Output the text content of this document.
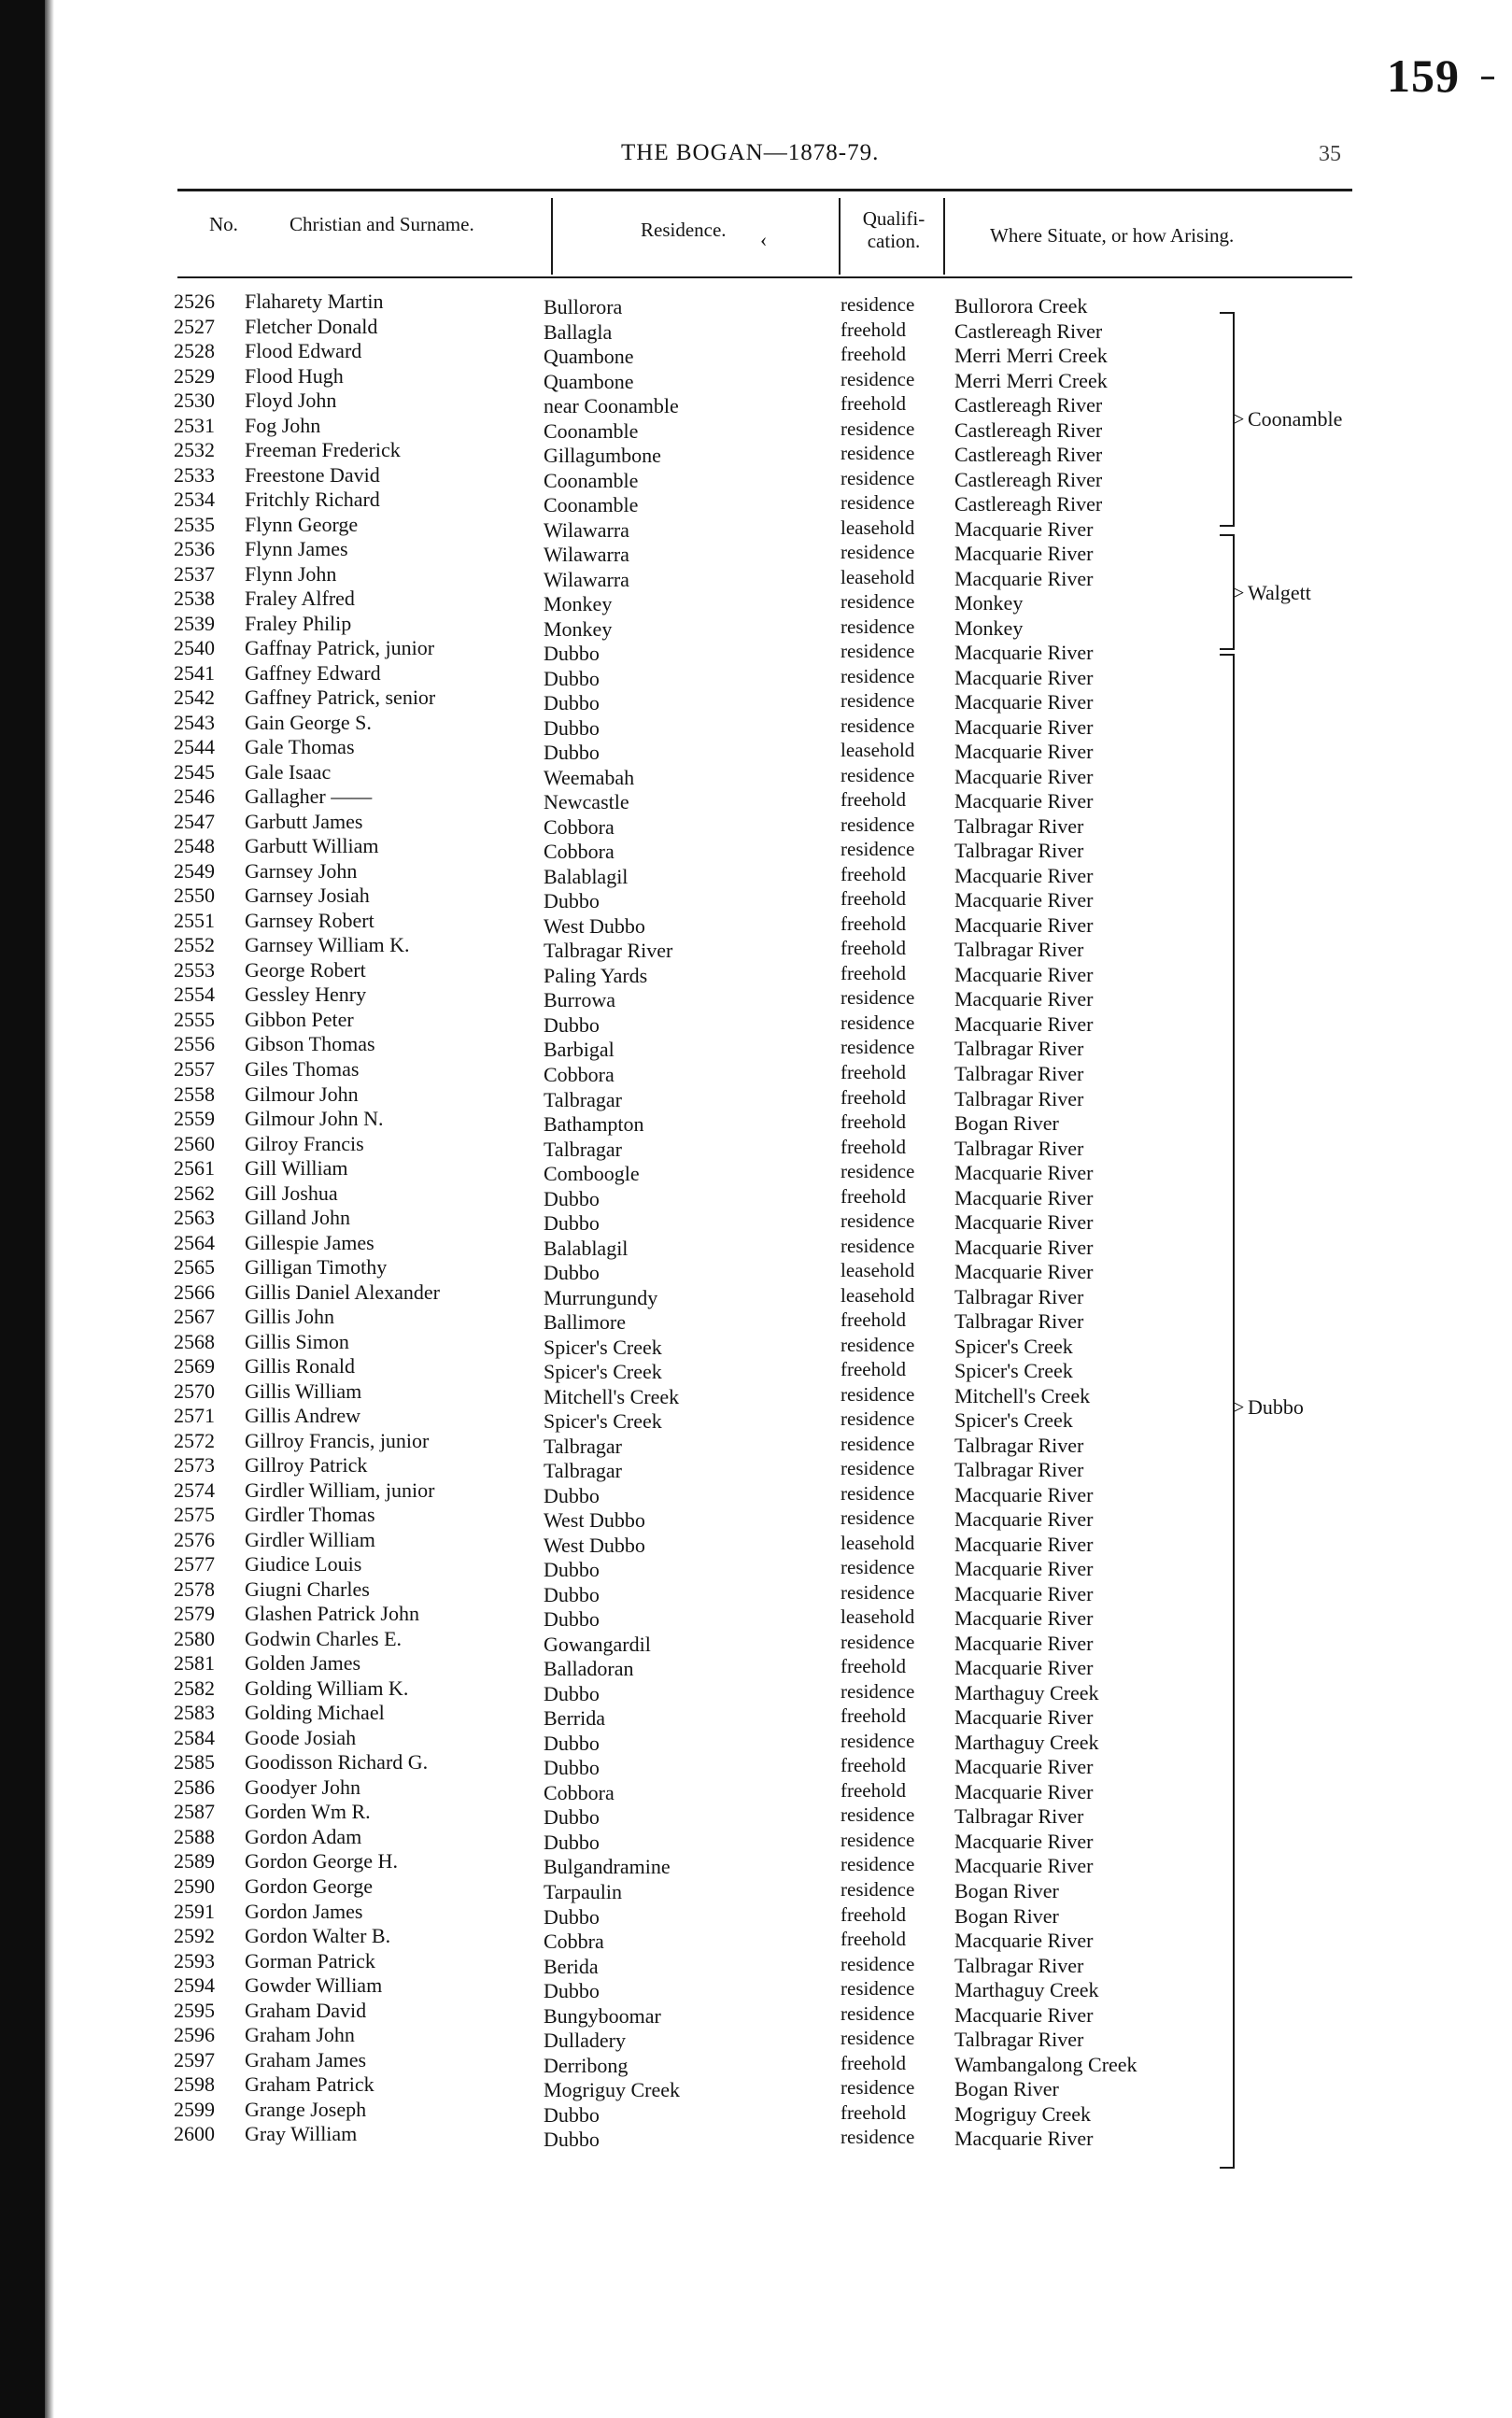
159
THE BOGAN—1878-79.	35
No.	Christian and Surname.	Residence. ‹
Qualifi-
cation.	Where Situate, or how Arising.
2526	Flaharety Martin	Bullorora	residence Bullorora Creek
2527	Fletcher Donald	Ballagla	freehold Castlereagh River
2528	Flood Edward	Quambone	freehold Merri Merri Creek
2529	Flood Hugh	Quambone	residence Merri Merri Creek
2530	Floyd John	near Coonamble	freehold Castlereagh River
2531	Fog John	Coonamble	residence Castlereagh River
2532	Freeman Frederick	Gillagumbone	residence Castlereagh River
2533	Freestone David	Coonamble	residence Castlereagh River
2534	Fritchly Richard	Coonamble	residence Castlereagh River
2535	Flynn George	Wilawarra	leasehold Macquarie River
2536	Flynn James	Wilawarra	residence Macquarie River
2537	Flynn John	Wilawarra	leasehold Macquarie River
2538	Fraley Alfred	Monkey	residence Monkey
2539	Fraley Philip	Monkey	residence Monkey
2540	Gaffnay Patrick, junior	Dubbo	residence Macquarie River
2541	Gaffney Edward	Dubbo	residence Macquarie River
2542	Gaffney Patrick, senior	Dubbo	residence Macquarie River
2543	Gain George S.	Dubbo	residence Macquarie River
2544	Gale Thomas	Dubbo	leasehold Macquarie River
2545	Gale Isaac	Weemabah	residence Macquarie River
2546	Gallagher ——	Newcastle	freehold Macquarie River
2547	Garbutt James	Cobbora	residence Talbragar River
2548	Garbutt William	Cobbora	residence Talbragar River
2549	Garnsey John	Balablagil	freehold Macquarie River
2550	Garnsey Josiah	Dubbo	freehold Macquarie River
2551	Garnsey Robert	West Dubbo	freehold Macquarie River
2552	Garnsey William K.	Talbragar River	freehold Talbragar River
2553	George Robert	Paling Yards	freehold Macquarie River
2554	Gessley Henry	Burrowa	residence Macquarie River
2555	Gibbon Peter	Dubbo	residence Macquarie River
2556	Gibson Thomas	Barbigal	residence Talbragar River
2557	Giles Thomas	Cobbora	freehold Talbragar River
2558	Gilmour John	Talbragar	freehold Talbragar River
2559	Gilmour John N.	Bathampton	freehold Bogan River
2560	Gilroy Francis	Talbragar	freehold Talbragar River
2561	Gill William	Comboogle	residence Macquarie River
2562	Gill Joshua	Dubbo	freehold Macquarie River
2563	Gilland John	Dubbo	residence Macquarie River
2564	Gillespie James	Balablagil	residence Macquarie River
2565	Gilligan Timothy	Dubbo	leasehold Macquarie River
2566	Gillis Daniel Alexander	Murrungundy	leasehold Talbragar River
2567	Gillis John	Ballimore	freehold Talbragar River
2568	Gillis Simon	Spicer's Creek	residence Spicer's Creek
2569	Gillis Ronald	Spicer's Creek	freehold Spicer's Creek
2570	Gillis William	Mitchell's Creek	residence Mitchell's Creek
2571	Gillis Andrew	Spicer's Creek	residence Spicer's Creek
2572	Gillroy Francis, junior	Talbragar	residence Talbragar River
2573	Gillroy Patrick	Talbragar	residence Talbragar River
2574	Girdler William, junior	Dubbo	residence Macquarie River
2575	Girdler Thomas	West Dubbo	residence Macquarie River
2576	Girdler William	West Dubbo	leasehold Macquarie River
2577	Giudice Louis	Dubbo	residence Macquarie River
2578	Giugni Charles	Dubbo	residence Macquarie River
2579	Glashen Patrick John	Dubbo	leasehold Macquarie River
2580	Godwin Charles E.	Gowangardil	residence Macquarie River
2581	Golden James	Balladoran	freehold Macquarie River
2582	Golding William K.	Dubbo	residence Marthaguy Creek
2583	Golding Michael	Berrida	freehold Macquarie River
2584	Goode Josiah	Dubbo	residence Marthaguy Creek
2585	Goodisson Richard G.	Dubbo	freehold Macquarie River
2586	Goodyer John	Cobbora	freehold Macquarie River
2587	Gorden Wm R.	Dubbo	residence Talbragar River
2588	Gordon Adam	Dubbo	residence Macquarie River
2589	Gordon George H.	Bulgandramine	residence Macquarie River
2590	Gordon George	Tarpaulin	residence Bogan River
2591	Gordon James	Dubbo	freehold Bogan River
2592	Gordon Walter B.	Cobbra	freehold Macquarie River
2593	Gorman Patrick	Berida	residence Talbragar River
2594	Gowder William	Dubbo	residence Marthaguy Creek
2595	Graham David	Bungyboomar	residence Macquarie River
2596	Graham John	Dulladery	residence Talbragar River
2597	Graham James	Derribong	freehold Wambangalong Creek
2598	Graham Patrick	Mogriguy Creek	residence Bogan River
2599	Grange Joseph	Dubbo	freehold Mogriguy Creek
2600	Gray William	Dubbo	residence Macquarie River
> Coonamble
> Walgett
> Dubbo
